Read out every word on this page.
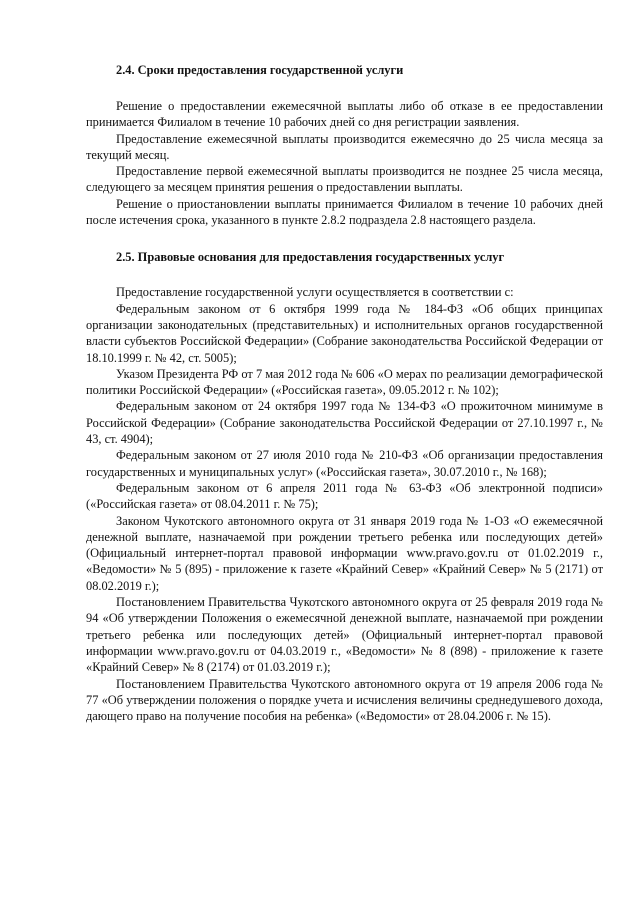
2.4. Сроки предоставления государственной услуги

Решение о предоставлении ежемесячной выплаты либо об отказе в ее предоставлении принимается Филиалом в течение 10 рабочих дней со дня регистрации заявления.

Предоставление ежемесячной выплаты производится ежемесячно до 25 числа месяца за текущий месяц.

Предоставление первой ежемесячной выплаты производится не позднее 25 числа месяца, следующего за месяцем принятия решения о предоставлении выплаты.

Решение о приостановлении выплаты принимается Филиалом в течение 10 рабочих дней после истечения срока, указанного в пункте 2.8.2 подраздела 2.8 настоящего раздела.

2.5. Правовые основания для предоставления государственных услуг

Предоставление государственной услуги осуществляется в соответствии с:

Федеральным законом от 6 октября 1999 года № 184-ФЗ «Об общих принципах организации законодательных (представительных) и исполнительных органов государственной власти субъектов Российской Федерации» (Собрание законодательства Российской Федерации от 18.10.1999 г. № 42, ст. 5005);

Указом Президента РФ от 7 мая 2012 года № 606 «О мерах по реализации демографической политики Российской Федерации» («Российская газета», 09.05.2012 г. № 102);

Федеральным законом от 24 октября 1997 года № 134-ФЗ «О прожиточном минимуме в Российской Федерации» (Собрание законодательства Российской Федерации от 27.10.1997 г., № 43, ст. 4904);

Федеральным законом от 27 июля 2010 года № 210-ФЗ «Об организации предоставления государственных и муниципальных услуг» («Российская газета», 30.07.2010 г., № 168);

Федеральным законом от 6 апреля 2011 года № 63-ФЗ «Об электронной подписи» («Российская газета» от 08.04.2011 г. № 75);

Законом Чукотского автономного округа от 31 января 2019 года № 1-ОЗ «О ежемесячной денежной выплате, назначаемой при рождении третьего ребенка или последующих детей» (Официальный интернет-портал правовой информации www.pravo.gov.ru от 01.02.2019 г., «Ведомости» № 5 (895) - приложение к газете «Крайний Север» «Крайний Север» № 5 (2171) от 08.02.2019 г.);

Постановлением Правительства Чукотского автономного округа от 25 февраля 2019 года № 94 «Об утверждении Положения о ежемесячной денежной выплате, назначаемой при рождении третьего ребенка или последующих детей» (Официальный интернет-портал правовой информации www.pravo.gov.ru от 04.03.2019 г., «Ведомости» № 8 (898) - приложение к газете «Крайний Север» № 8 (2174) от 01.03.2019 г.);

Постановлением Правительства Чукотского автономного округа от 19 апреля 2006 года № 77 «Об утверждении положения о порядке учета и исчисления величины среднедушевого дохода, дающего право на получение пособия на ребенка» («Ведомости» от 28.04.2006 г. № 15).
